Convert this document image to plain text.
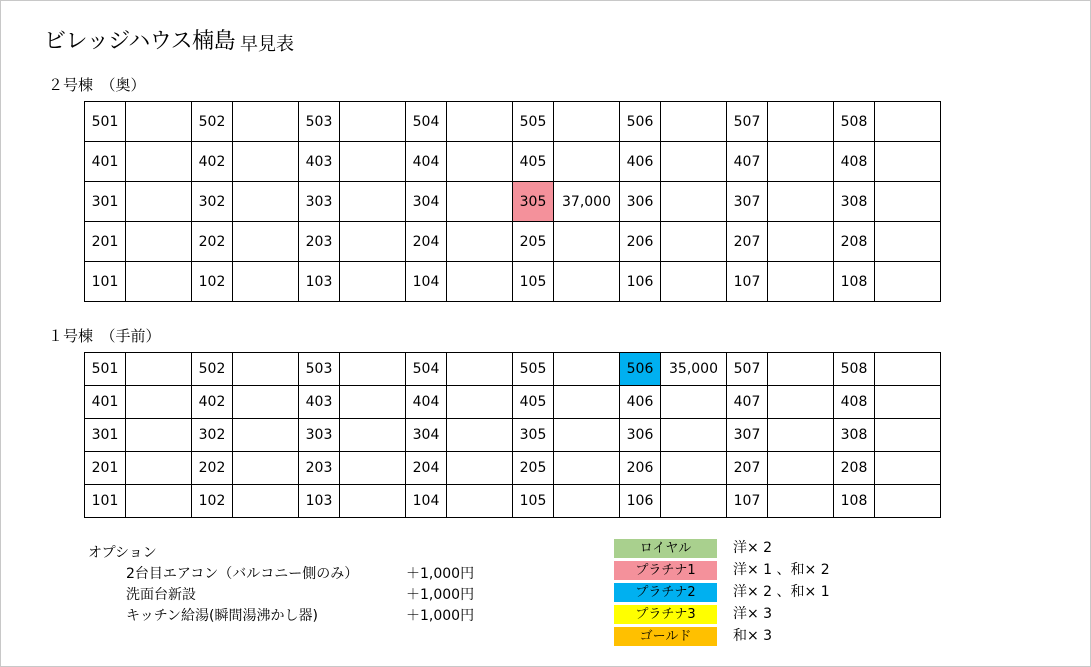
ビレッジハウス楠島 早見表
２号棟　（奥）
501		502		503		504		505		506		507		508	
401		402		403		404		405		406		407		408	
301		302		303		304		305	37,000	306		307		308	
201		202		203		204		205		206		207		208	
101		102		103		104		105		106		107		108	
１号棟　（手前）
501		502		503		504		505		506	35,000	507		508	
401		402		403		404		405		406		407		408	
301		302		303		304		305		306		307		308	
201		202		203		204		205		206		207		208	
101		102		103		104		105		106		107		108	
オプション
2台目エアコン（バルコニー側のみ）	＋1,000円
洗面台新設	＋1,000円
キッチン給湯(瞬間湯沸かし器)	＋1,000円
ロイヤル	洋× 2
プラチナ1	洋× 1 、和× 2
プラチナ2	洋× 2 、和× 1
プラチナ3	洋× 3
ゴールド	和× 3
